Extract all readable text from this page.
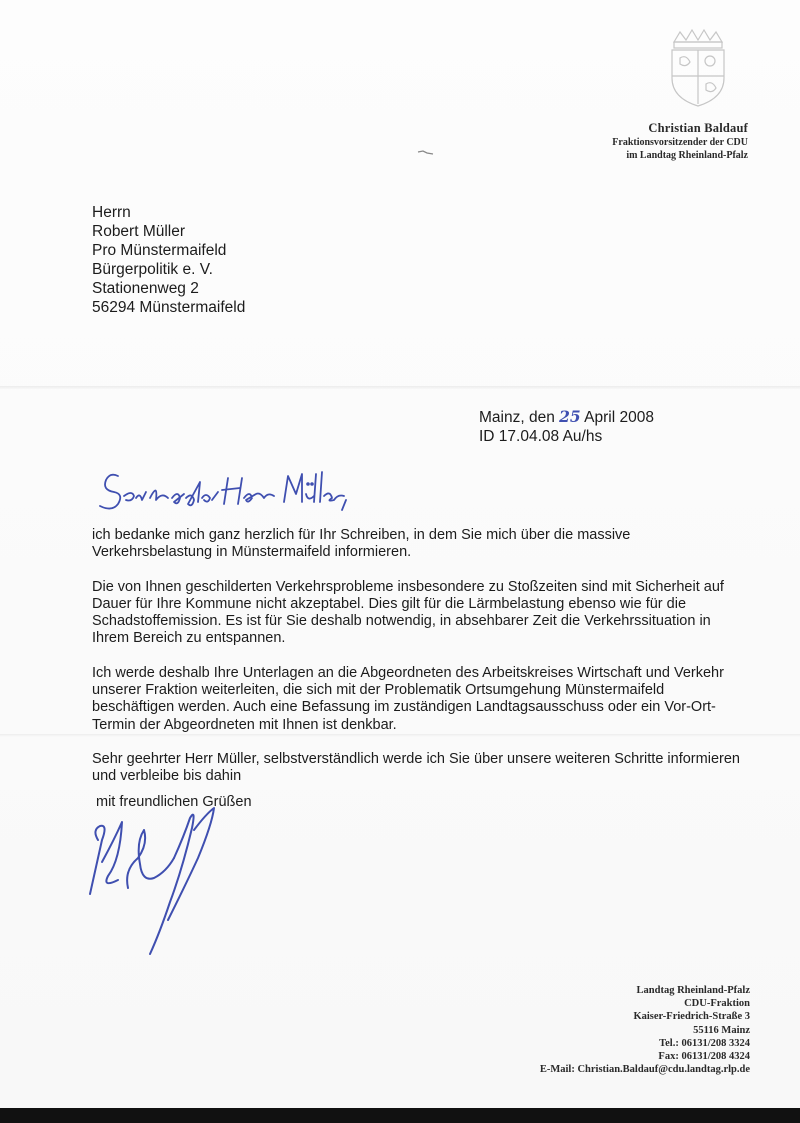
Christian Baldauf
Fraktionsvorsitzender der CDU
im Landtag Rheinland-Pfalz
Herrn
Robert Müller
Pro Münstermaifeld
Bürgerpolitik e. V.
Stationenweg 2
56294 Münstermaifeld
Mainz, den 25 April 2008
ID 17.04.08 Au/hs

ich bedanke mich ganz herzlich für Ihr Schreiben, in dem Sie mich über die massive Verkehrsbelastung in Münstermaifeld informieren.

Die von Ihnen geschilderten Verkehrsprobleme insbesondere zu Stoßzeiten sind mit Sicherheit auf Dauer für Ihre Kommune nicht akzeptabel. Dies gilt für die Lärmbelastung ebenso wie für die Schadstoffemission. Es ist für Sie deshalb notwendig, in absehbarer Zeit die Verkehrssituation in Ihrem Bereich zu entspannen.

Ich werde deshalb Ihre Unterlagen an die Abgeordneten des Arbeitskreises Wirtschaft und Verkehr unserer Fraktion weiterleiten, die sich mit der Problematik Ortsumgehung Münstermaifeld beschäftigen werden. Auch eine Befassung im zuständigen Landtagsausschuss oder ein Vor-Ort-Termin der Abgeordneten mit Ihnen ist denkbar.

Sehr geehrter Herr Müller, selbstverständlich werde ich Sie über unsere weiteren Schritte informieren und verbleibe bis dahin

mit freundlichen Grüßen
Landtag Rheinland-Pfalz
CDU-Fraktion
Kaiser-Friedrich-Straße 3
55116 Mainz
Tel.: 06131/208 3324
Fax: 06131/208 4324
E-Mail: Christian.Baldauf@cdu.landtag.rlp.de
